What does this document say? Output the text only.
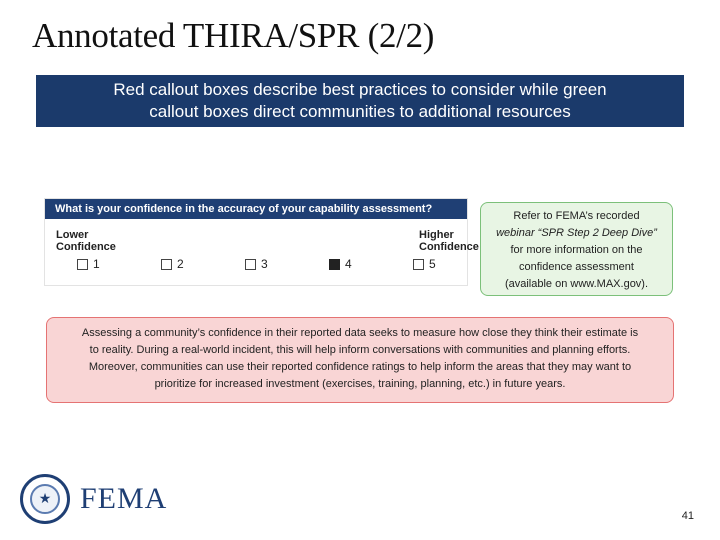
Annotated THIRA/SPR (2/2)
Red callout boxes describe best practices to consider while green
callout boxes direct communities to additional resources
What is your confidence in the accuracy of your capability assessment?
Lower
Confidence
Higher
Confidence
1	2	3	4	5
Refer to FEMA’s recorded
webinar “SPR Step 2 Deep Dive”
for more information on the
confidence assessment
(available on www.MAX.gov).
Assessing a community’s confidence in their reported data seeks to measure how close they think their estimate is
to reality. During a real-world incident, this will help inform conversations with communities and planning efforts.
Moreover, communities can use their reported confidence ratings to help inform the areas that they may want to
prioritize for increased investment (exercises, training, planning, etc.) in future years.
★
FEMA
41
